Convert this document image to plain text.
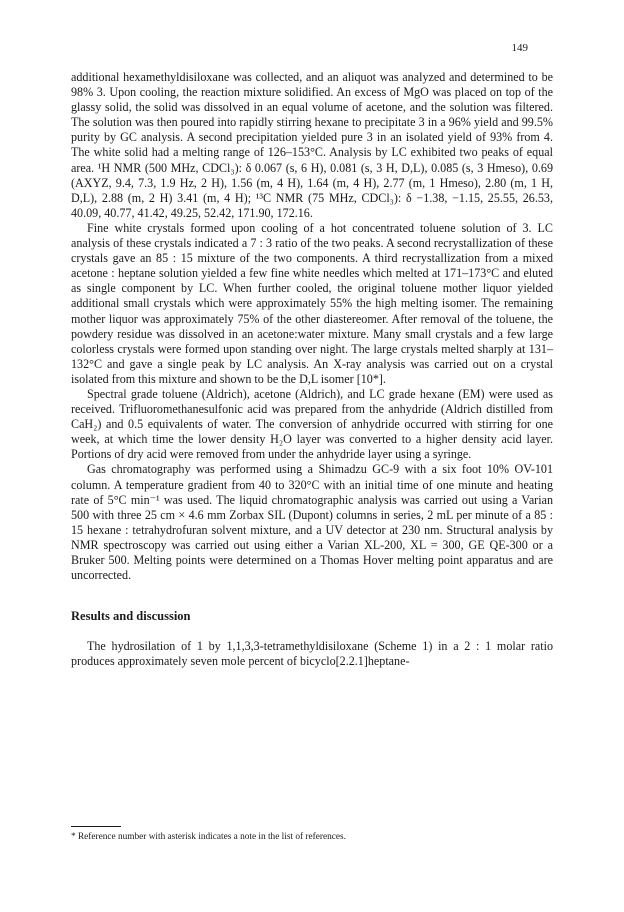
149

additional hexamethyldisiloxane was collected, and an aliquot was analyzed and determined to be 98% 3. Upon cooling, the reaction mixture solidified. An excess of MgO was placed on top of the glassy solid, the solid was dissolved in an equal volume of acetone, and the solution was filtered. The solution was then poured into rapidly stirring hexane to precipitate 3 in a 96% yield and 99.5% purity by GC analysis. A second precipitation yielded pure 3 in an isolated yield of 93% from 4. The white solid had a melting range of 126–153°C. Analysis by LC exhibited two peaks of equal area. ¹H NMR (500 MHz, CDCl₃): δ 0.067 (s, 6 H), 0.081 (s, 3 H, D,L), 0.085 (s, 3 Hmeso), 0.69 (AXYZ, 9.4, 7.3, 1.9 Hz, 2 H), 1.56 (m, 4 H), 1.64 (m, 4 H), 2.77 (m, 1 Hmeso), 2.80 (m, 1 H, D,L), 2.88 (m, 2 H) 3.41 (m, 4 H); ¹³C NMR (75 MHz, CDCl₃): δ −1.38, −1.15, 25.55, 26.53, 40.09, 40.77, 41.42, 49.25, 52.42, 171.90, 172.16.

Fine white crystals formed upon cooling of a hot concentrated toluene solution of 3. LC analysis of these crystals indicated a 7 : 3 ratio of the two peaks. A second recrystallization of these crystals gave an 85 : 15 mixture of the two components. A third recrystallization from a mixed acetone : heptane solution yielded a few fine white needles which melted at 171–173°C and eluted as single component by LC. When further cooled, the original toluene mother liquor yielded additional small crystals which were approximately 55% the high melting isomer. The remaining mother liquor was approximately 75% of the other diastereomer. After removal of the toluene, the powdery residue was dissolved in an acetone:water mixture. Many small crystals and a few large colorless crystals were formed upon standing over night. The large crystals melted sharply at 131–132°C and gave a single peak by LC analysis. An X-ray analysis was carried out on a crystal isolated from this mixture and shown to be the D,L isomer [10*].

Spectral grade toluene (Aldrich), acetone (Aldrich), and LC grade hexane (EM) were used as received. Trifluoromethanesulfonic acid was prepared from the anhydride (Aldrich distilled from CaH₂) and 0.5 equivalents of water. The conversion of anhydride occurred with stirring for one week, at which time the lower density H₂O layer was converted to a higher density acid layer. Portions of dry acid were removed from under the anhydride layer using a syringe.

Gas chromatography was performed using a Shimadzu GC-9 with a six foot 10% OV-101 column. A temperature gradient from 40 to 320°C with an initial time of one minute and heating rate of 5°C min⁻¹ was used. The liquid chromatographic analysis was carried out using a Varian 500 with three 25 cm × 4.6 mm Zorbax SIL (Dupont) columns in series, 2 mL per minute of a 85 : 15 hexane : tetrahydrofuran solvent mixture, and a UV detector at 230 nm. Structural analysis by NMR spectroscopy was carried out using either a Varian XL-200, XL = 300, GE QE-300 or a Bruker 500. Melting points were determined on a Thomas Hover melting point apparatus and are uncorrected.

Results and discussion

The hydrosilation of 1 by 1,1,3,3-tetramethyldisiloxane (Scheme 1) in a 2 : 1 molar ratio produces approximately seven mole percent of bicyclo[2.2.1]heptane-

* Reference number with asterisk indicates a note in the list of references.
